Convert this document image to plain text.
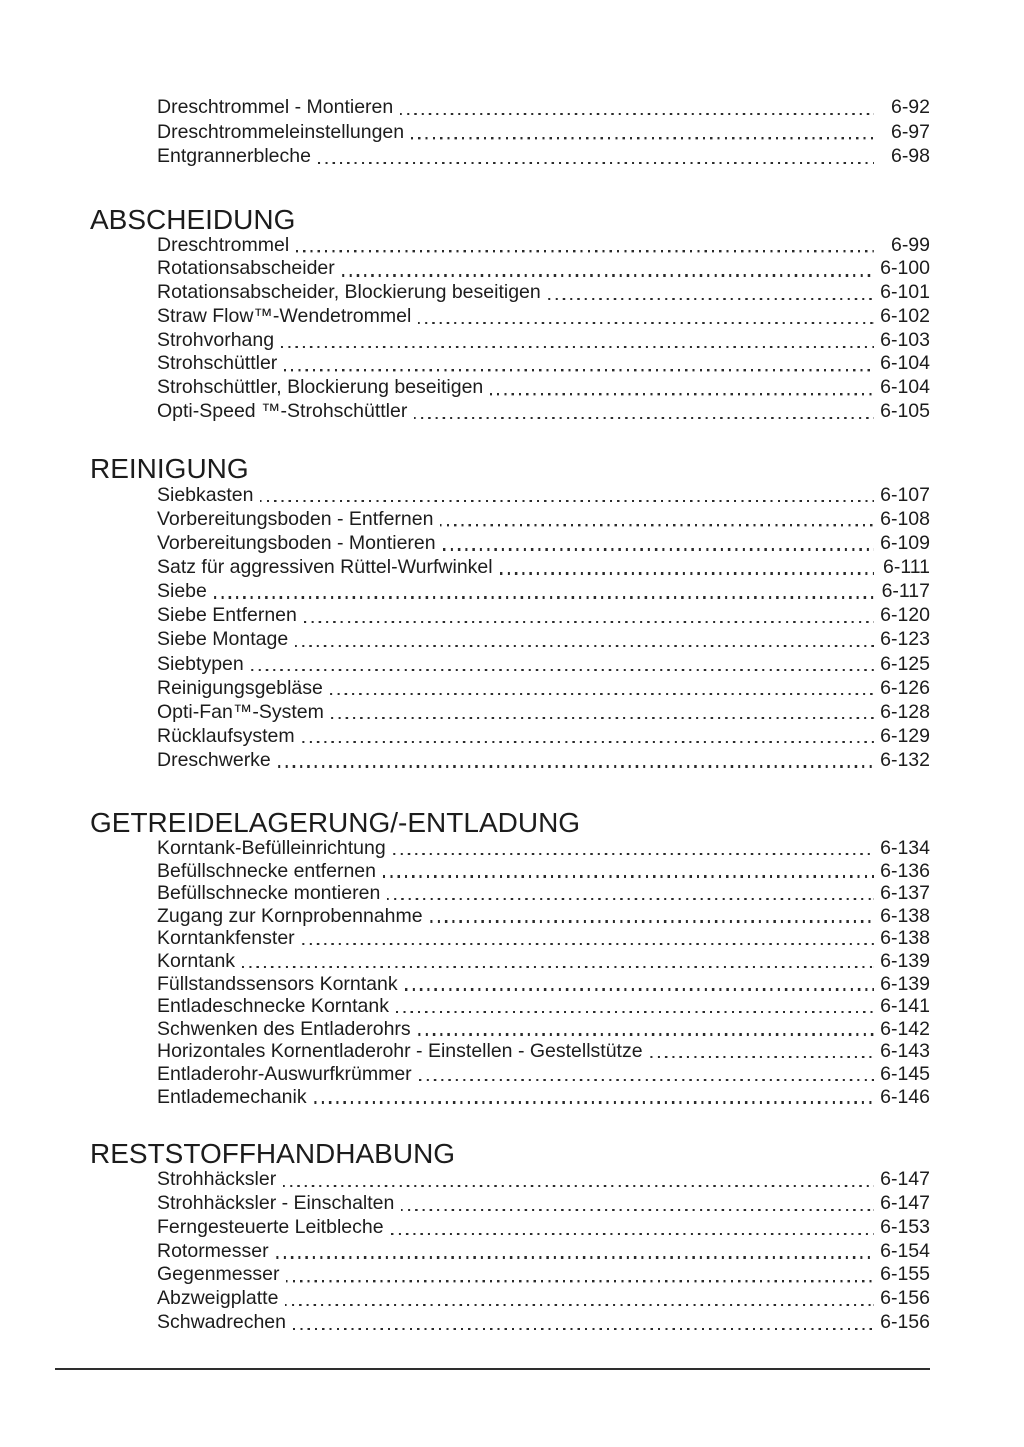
Dreschtrommel - Montieren	6-92
Dreschtrommeleinstellungen	6-97
Entgrannerbleche	6-98
ABSCHEIDUNG
Dreschtrommel	6-99
Rotationsabscheider	6-100
Rotationsabscheider, Blockierung beseitigen	6-101
Straw Flow™-Wendetrommel	6-102
Strohvorhang	6-103
Strohschüttler	6-104
Strohschüttler, Blockierung beseitigen	6-104
Opti-Speed ™-Strohschüttler	6-105
REINIGUNG
Siebkasten	6-107
Vorbereitungsboden - Entfernen	6-108
Vorbereitungsboden - Montieren	6-109
Satz für aggressiven Rüttel-Wurfwinkel	6-111
Siebe	6-117
Siebe Entfernen	6-120
Siebe Montage	6-123
Siebtypen	6-125
Reinigungsgebläse	6-126
Opti-Fan™-System	6-128
Rücklaufsystem	6-129
Dreschwerke	6-132
GETREIDELAGERUNG/-ENTLADUNG
Korntank-Befülleinrichtung	6-134
Befüllschnecke entfernen	6-136
Befüllschnecke montieren	6-137
Zugang zur Kornprobennahme	6-138
Korntankfenster	6-138
Korntank	6-139
Füllstandssensors Korntank	6-139
Entladeschnecke Korntank	6-141
Schwenken des Entladerohrs	6-142
Horizontales Kornentladerohr - Einstellen - Gestellstütze	6-143
Entladerohr-Auswurfkrümmer	6-145
Entlademechanik	6-146
RESTSTOFFHANDHABUNG
Strohhäcksler	6-147
Strohhäcksler - Einschalten	6-147
Ferngesteuerte Leitbleche	6-153
Rotormesser	6-154
Gegenmesser	6-155
Abzweigplatte	6-156
Schwadrechen	6-156
